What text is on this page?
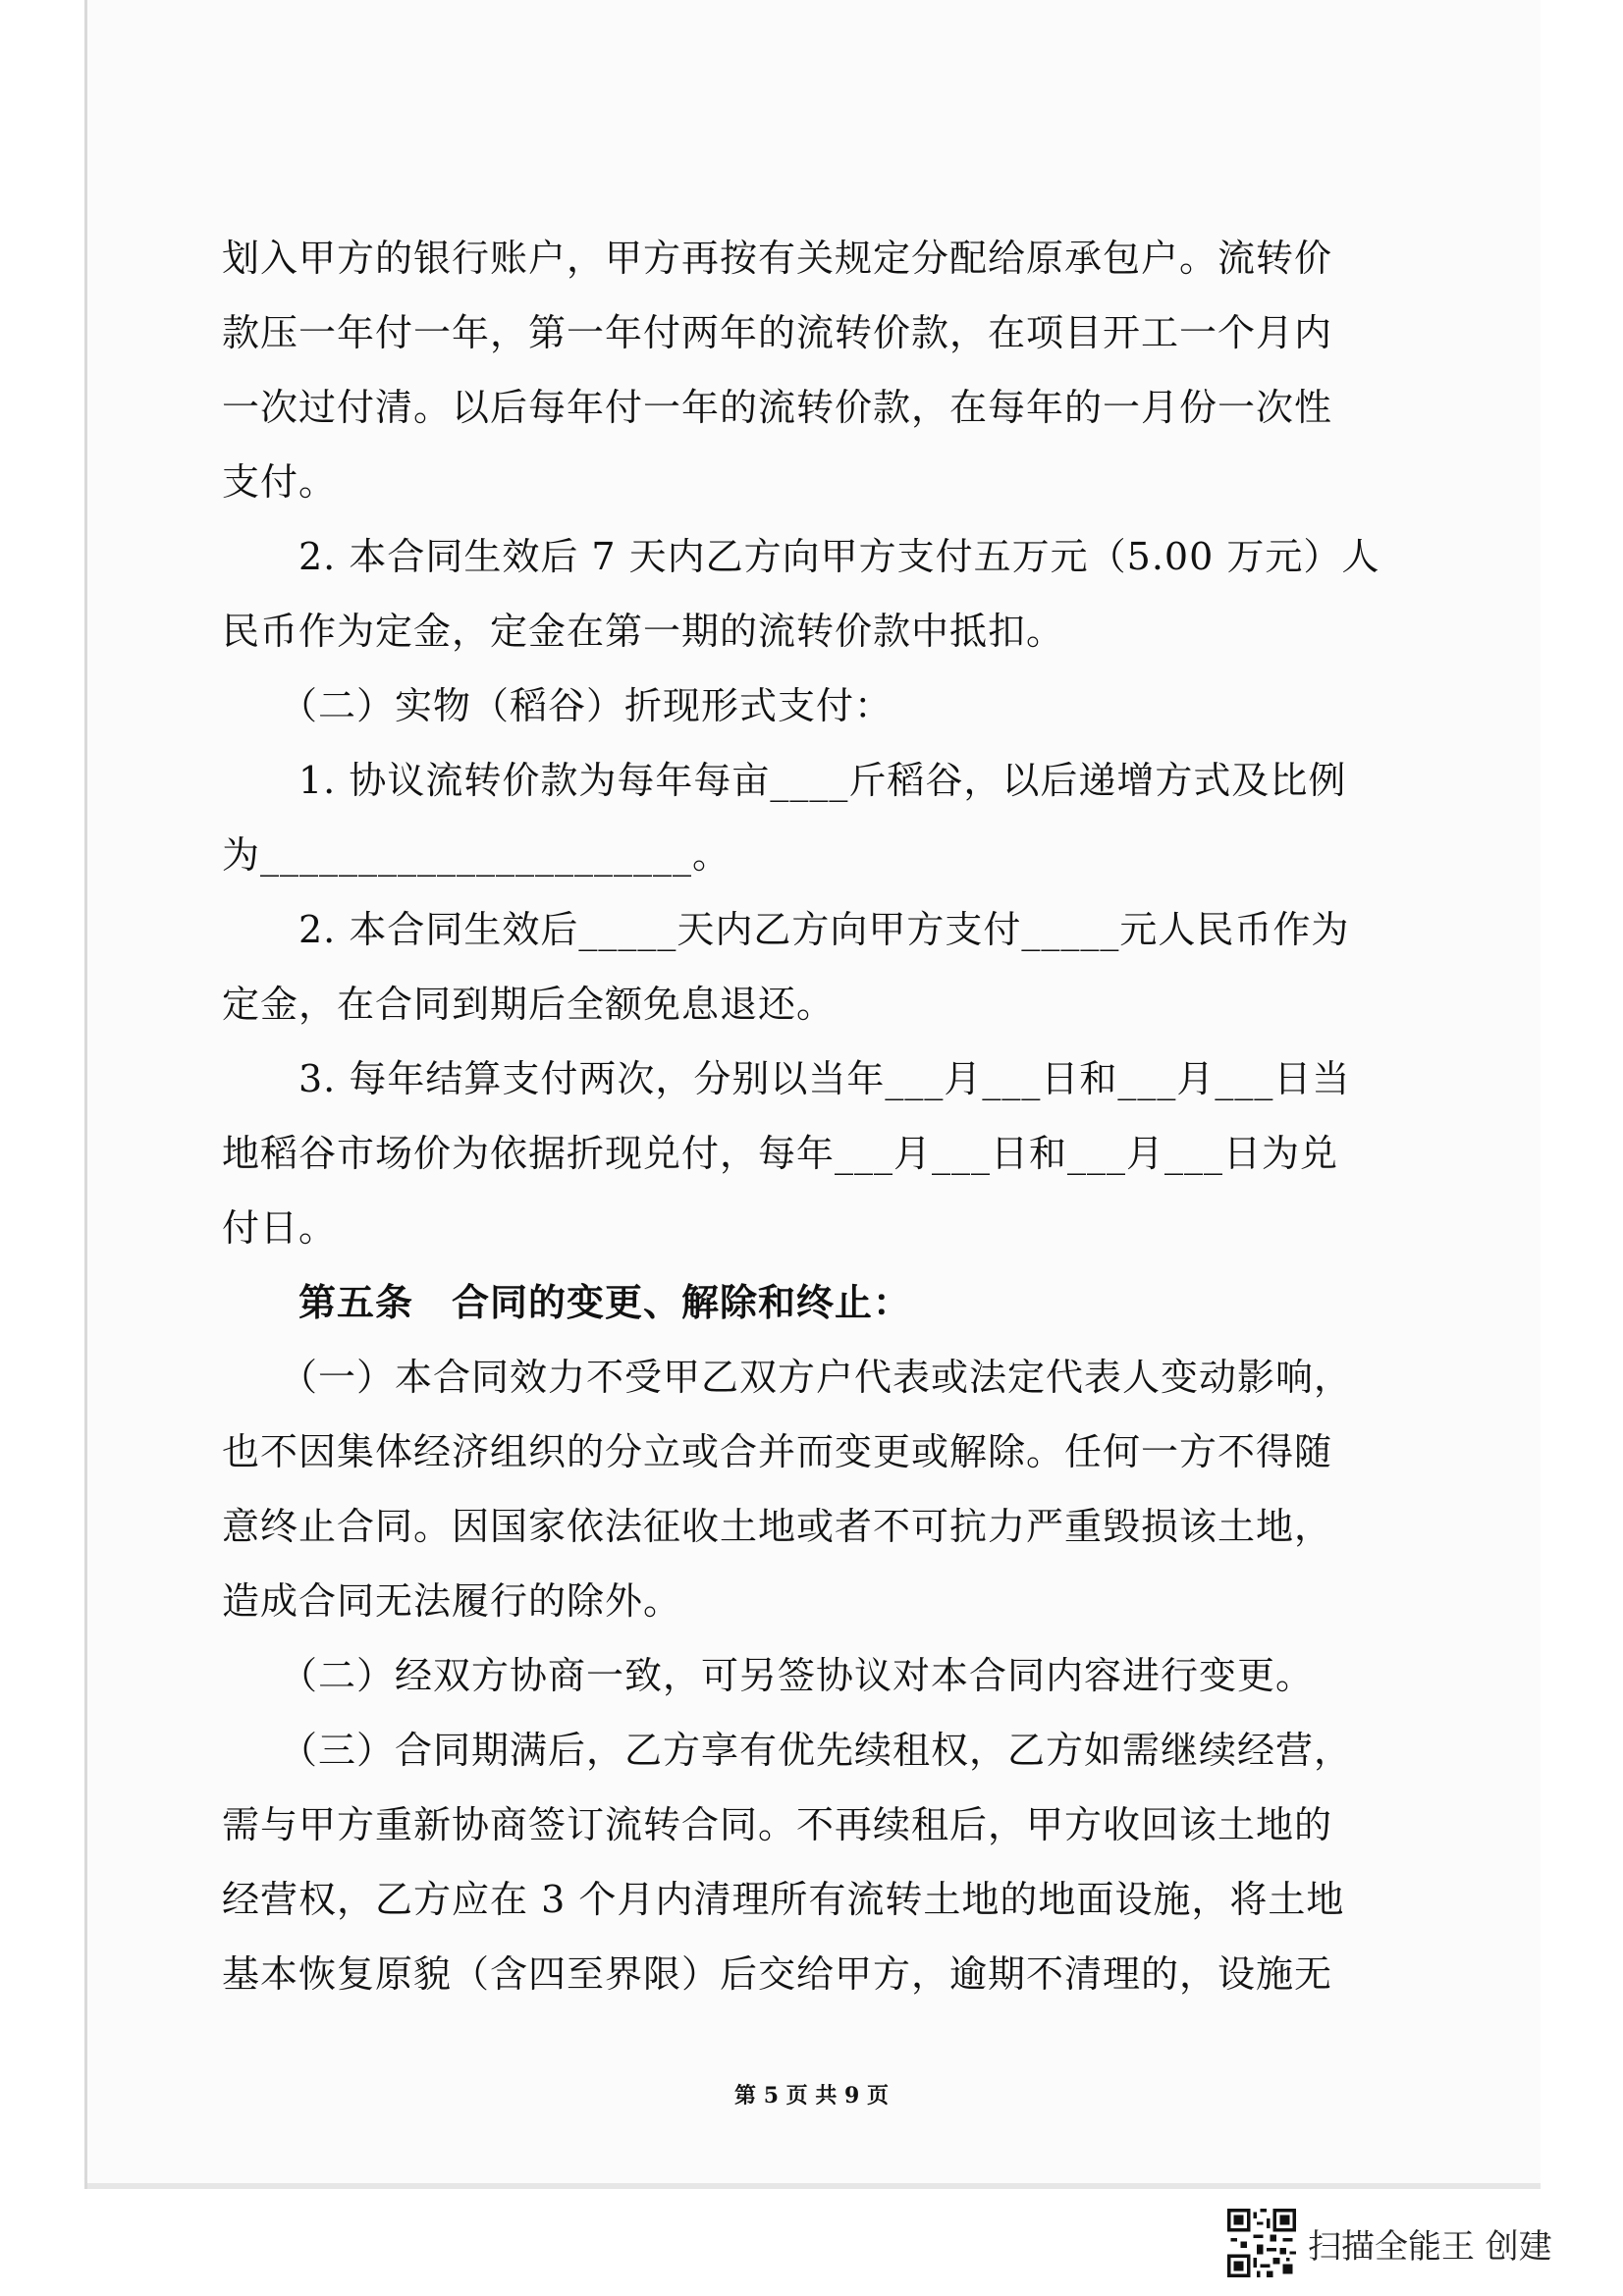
划入甲方的银行账户，甲方再按有关规定分配给原承包户。流转价

款压一年付一年，第一年付两年的流转价款，在项目开工一个月内

一次过付清。以后每年付一年的流转价款，在每年的一月份一次性

支付。

　　2. 本合同生效后 7 天内乙方向甲方支付五万元（5.00 万元）人

民币作为定金，定金在第一期的流转价款中抵扣。

　　（二）实物（稻谷）折现形式支付：

　　1. 协议流转价款为每年每亩____斤稻谷，以后递增方式及比例

为______________________。

　　2. 本合同生效后_____天内乙方向甲方支付_____元人民币作为

定金，在合同到期后全额免息退还。

　　3. 每年结算支付两次，分别以当年___月___日和___月___日当

地稻谷市场价为依据折现兑付，每年___月___日和___月___日为兑

付日。

　　第五条　合同的变更、解除和终止：

　　（一）本合同效力不受甲乙双方户代表或法定代表人变动影响，

也不因集体经济组织的分立或合并而变更或解除。任何一方不得随

意终止合同。因国家依法征收土地或者不可抗力严重毁损该土地，

造成合同无法履行的除外。

　　（二）经双方协商一致，可另签协议对本合同内容进行变更。

　　（三）合同期满后，乙方享有优先续租权，乙方如需继续经营，

需与甲方重新协商签订流转合同。不再续租后，甲方收回该土地的

经营权，乙方应在 3 个月内清理所有流转土地的地面设施，将土地

基本恢复原貌（含四至界限）后交给甲方，逾期不清理的，设施无

第 5 页 共 9 页
扫描全能王 创建
